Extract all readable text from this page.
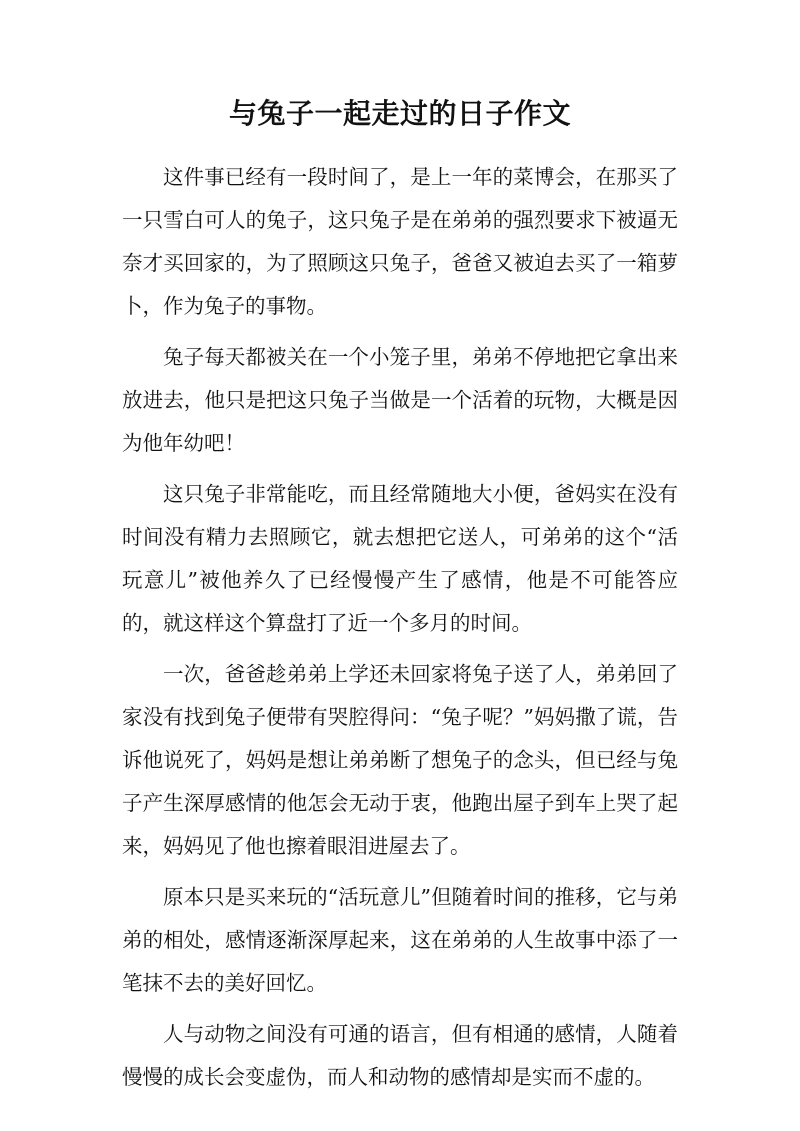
与兔子一起走过的日子作文

这件事已经有一段时间了，是上一年的菜博会，在那买了一只雪白可人的兔子，这只兔子是在弟弟的强烈要求下被逼无奈才买回家的，为了照顾这只兔子，爸爸又被迫去买了一箱萝卜，作为兔子的事物。

兔子每天都被关在一个小笼子里，弟弟不停地把它拿出来放进去，他只是把这只兔子当做是一个活着的玩物，大概是因为他年幼吧！

这只兔子非常能吃，而且经常随地大小便，爸妈实在没有时间没有精力去照顾它，就去想把它送人，可弟弟的这个“活玩意儿”被他养久了已经慢慢产生了感情，他是不可能答应的，就这样这个算盘打了近一个多月的时间。

一次，爸爸趁弟弟上学还未回家将兔子送了人，弟弟回了家没有找到兔子便带有哭腔得问：“兔子呢？”妈妈撒了谎，告诉他说死了，妈妈是想让弟弟断了想兔子的念头，但已经与兔子产生深厚感情的他怎会无动于衷，他跑出屋子到车上哭了起来，妈妈见了他也擦着眼泪进屋去了。

原本只是买来玩的“活玩意儿”但随着时间的推移，它与弟弟的相处，感情逐渐深厚起来，这在弟弟的人生故事中添了一笔抹不去的美好回忆。

人与动物之间没有可通的语言，但有相通的感情，人随着慢慢的成长会变虚伪，而人和动物的感情却是实而不虚的。
